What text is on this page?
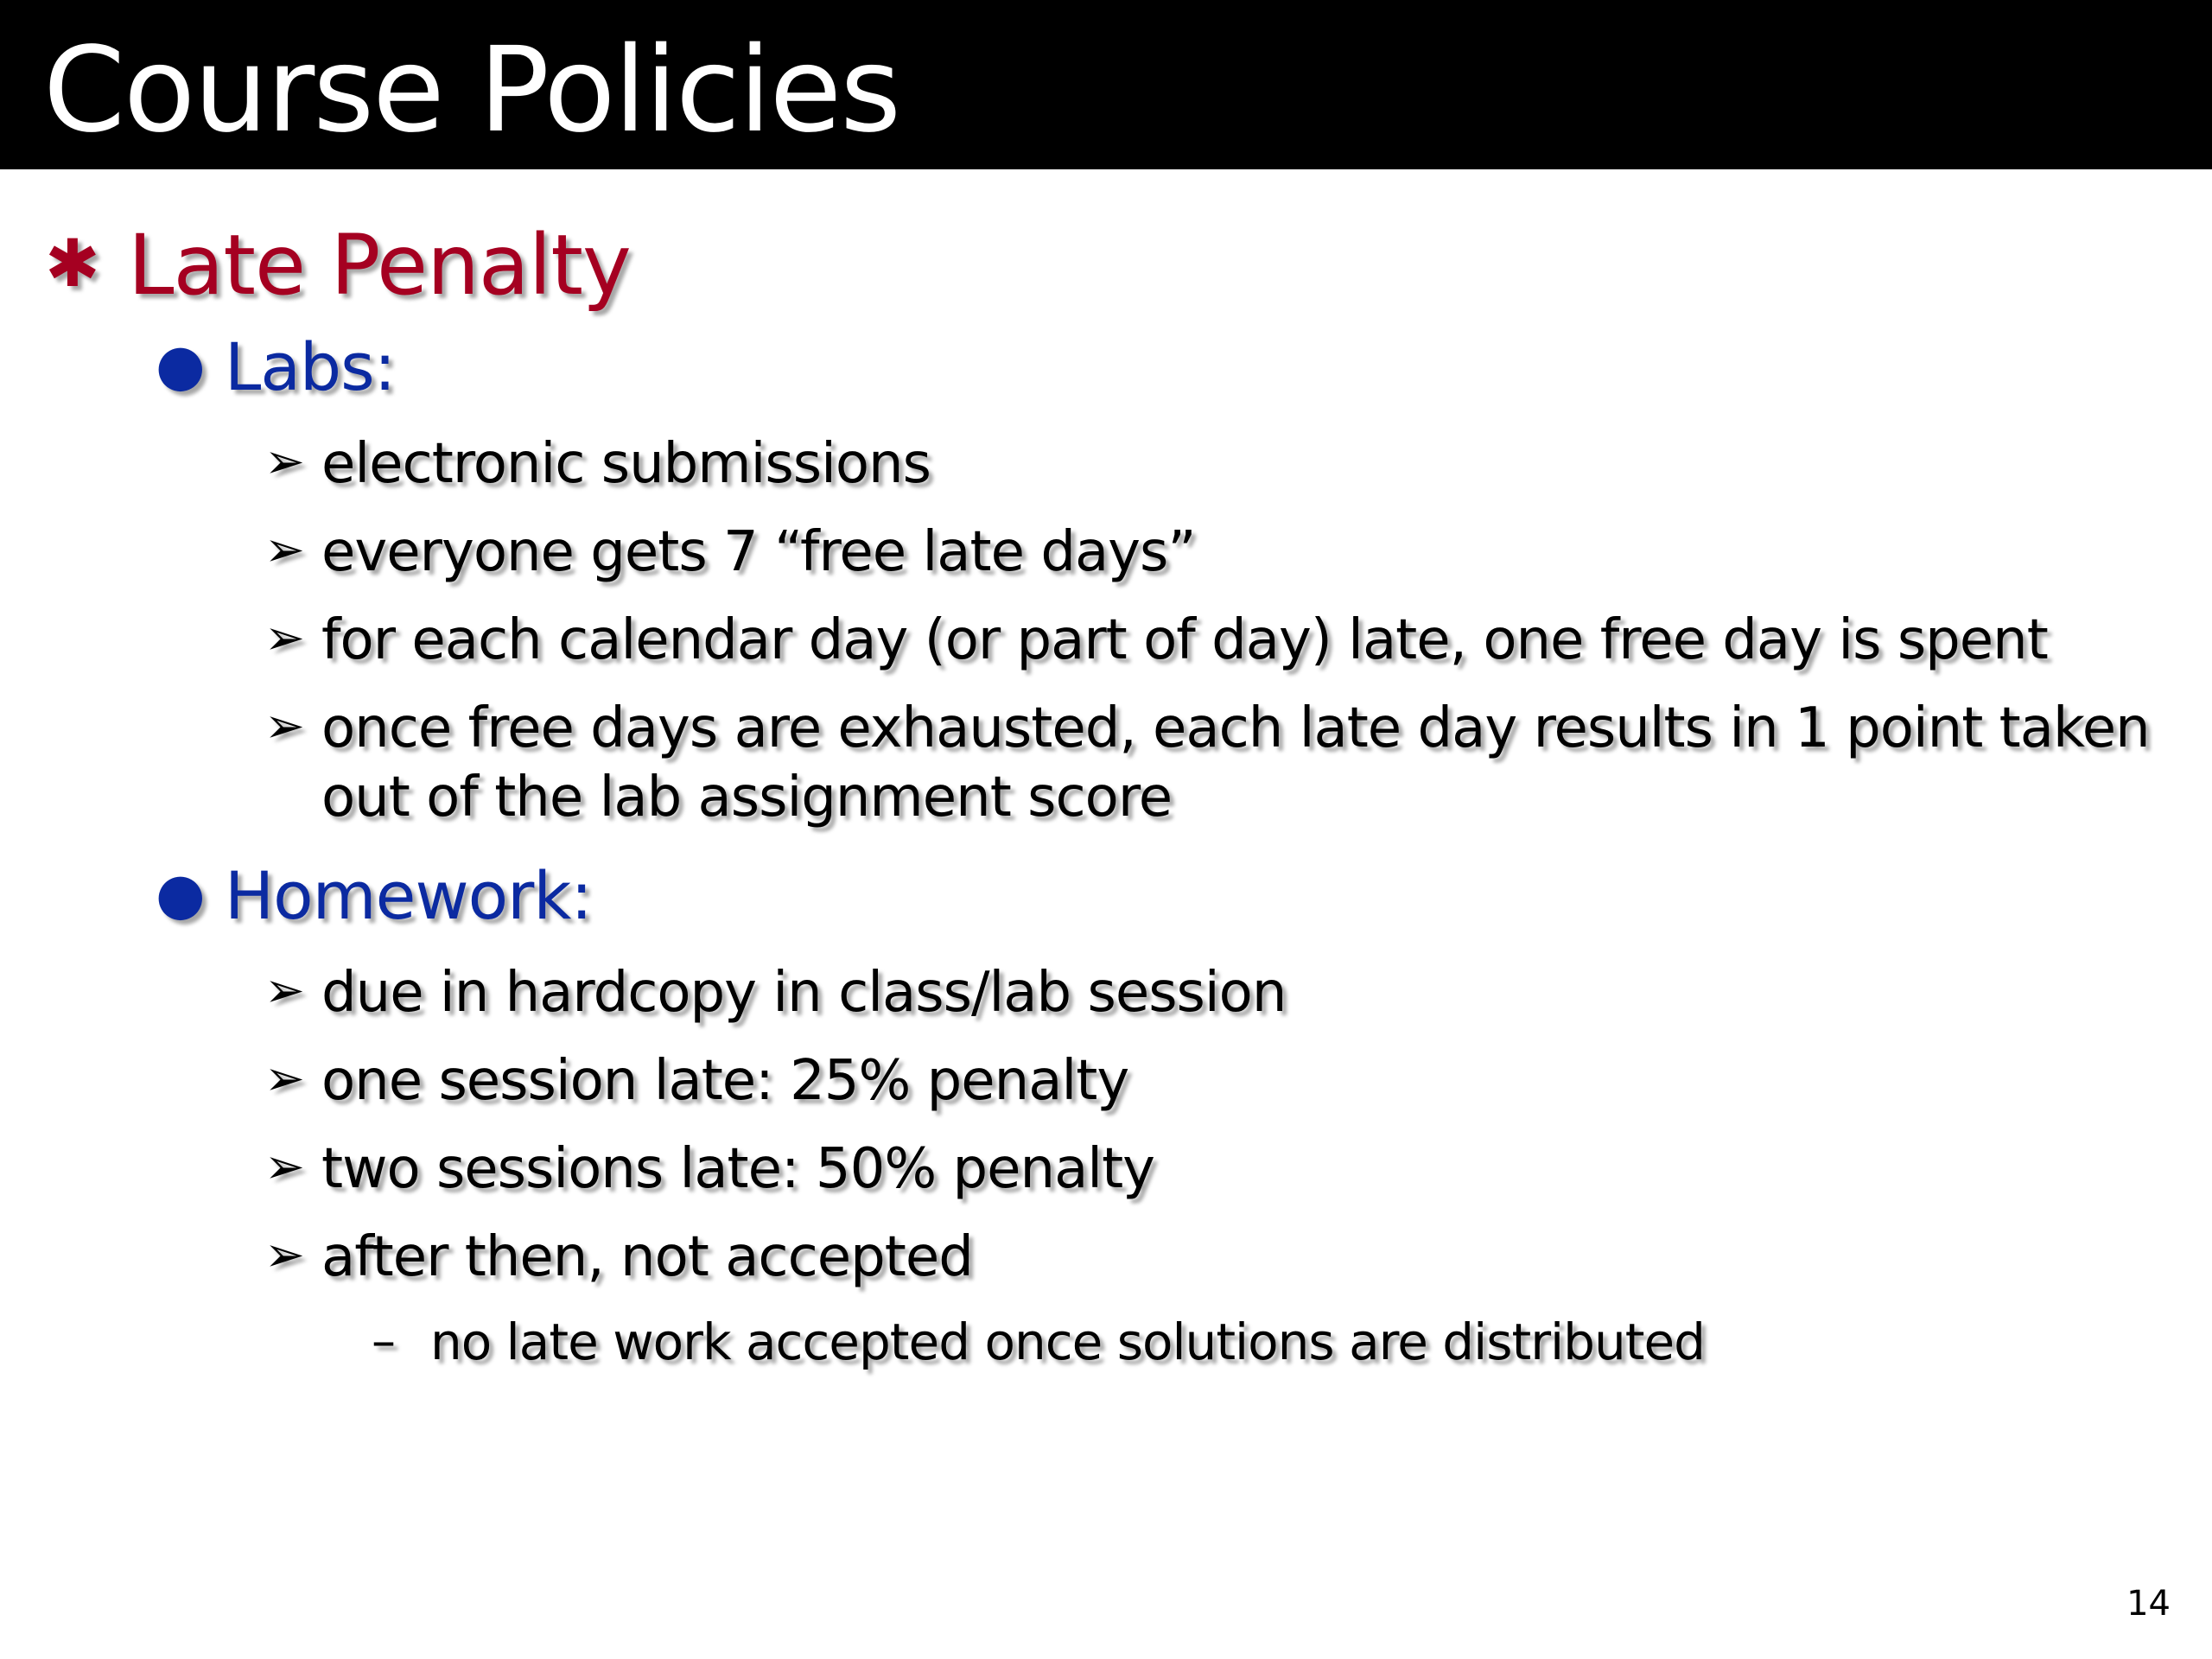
Course Policies
✱ Late Penalty
● Labs:
➢ electronic submissions
➢ everyone gets 7 “free late days”
➢ for each calendar day (or part of day) late, one free day is spent
➢ once free days are exhausted, each late day results in 1 point taken out of the lab assignment score
● Homework:
➢ due in hardcopy in class/lab session
➢ one session late: 25% penalty
➢ two sessions late: 50% penalty
➢ after then, not accepted
– no late work accepted once solutions are distributed
14
